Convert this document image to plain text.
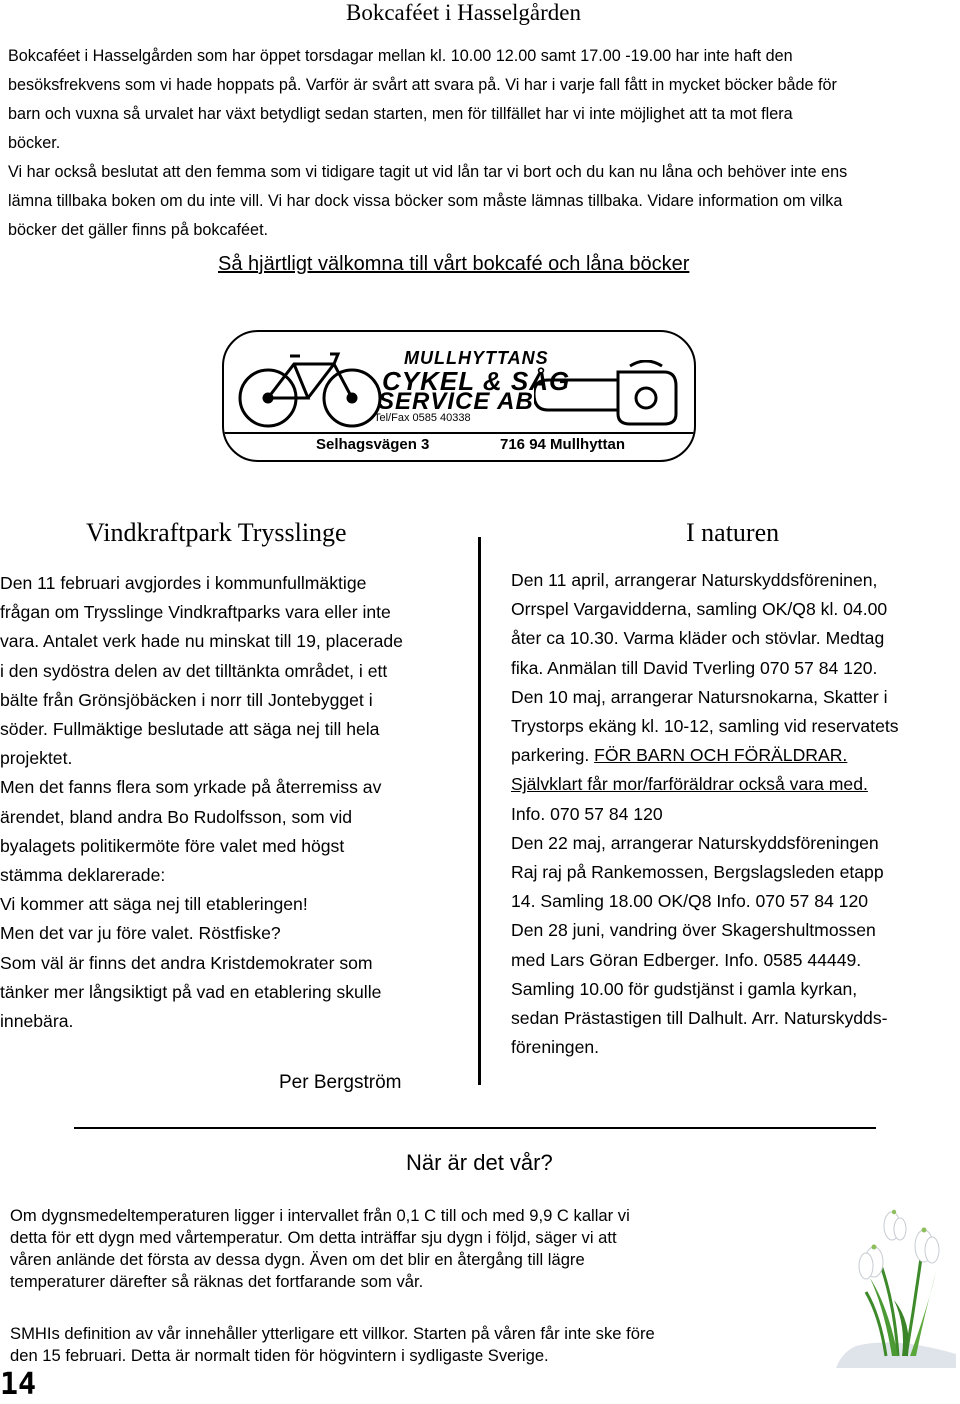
Bokcaféet i Hasselgården

Bokcaféet i Hasselgården som har öppet torsdagar mellan kl. 10.00 12.00 samt 17.00 -19.00 har inte haft den

besöksfrekvens som vi hade hoppats på. Varför är svårt att svara på. Vi har i varje fall fått in mycket böcker både för

barn och vuxna så urvalet har växt betydligt sedan starten, men för tillfället har vi inte möjlighet att ta mot flera

böcker.

Vi har också beslutat att den femma som vi tidigare tagit ut vid lån tar vi bort och du kan nu låna och behöver inte ens

lämna tillbaka boken om du inte vill. Vi har dock vissa böcker som måste lämnas tillbaka. Vidare information om vilka

böcker det gäller finns på bokcaféet.

Så hjärtligt välkomna till vårt bokcafé och låna böcker
MULLHYTTANS
CYKEL & SÅG
SERVICE AB
Tel/Fax 0585 40338
Selhagsvägen 3	716 94 Mullhyttan
Vindkraftpark Trysslinge

Den 11 februari avgjordes i kommunfullmäktige

frågan om Trysslinge Vindkraftparks vara eller inte

vara. Antalet verk hade nu minskat till 19, placerade

i den sydöstra delen av det tilltänkta området, i ett

bälte från Grönsjöbäcken i norr till Jontebygget i

söder. Fullmäktige beslutade att säga nej till hela

projektet.

Men det fanns flera som yrkade på återremiss av

ärendet, bland andra Bo Rudolfsson, som vid

byalagets politikermöte före valet med högst

stämma deklarerade:

Vi kommer att säga nej till etableringen!

Men det var ju före valet. Röstfiske?

Som väl är finns det andra Kristdemokrater som

tänker mer långsiktigt på vad en etablering skulle

innebära.

Per Bergström
I naturen

Den 11 april, arrangerar Naturskyddsföreninen,

Orrspel Vargavidderna, samling OK/Q8 kl. 04.00

åter ca 10.30. Varma kläder och stövlar. Medtag

fika. Anmälan till David Tverling 070 57 84 120.

Den 10 maj, arrangerar Natursnokarna, Skatter i

Trystorps ekäng kl. 10-12, samling vid reservatets

parkering. FÖR BARN OCH FÖRÄLDRAR.

Självklart får mor/farföräldrar också vara med.

Info. 070 57 84 120

Den 22 maj, arrangerar Naturskyddsföreningen

Raj raj på Rankemossen, Bergslagsleden etapp

14. Samling 18.00 OK/Q8 Info. 070 57 84 120

Den 28 juni, vandring över Skagershultmossen

med Lars Göran Edberger. Info. 0585 44449.

Samling 10.00 för gudstjänst i gamla kyrkan,

sedan Prästastigen till Dalhult. Arr. Naturskydds-

föreningen.

När är det vår?

Om dygnsmedeltemperaturen ligger i intervallet från 0,1 C till och med 9,9 C kallar vi

detta för ett dygn med vårtemperatur. Om detta inträffar sju dygn i följd, säger vi att

våren anlände det första av dessa dygn. Även om det blir en återgång till lägre

temperaturer därefter så räknas det fortfarande som vår.

SMHIs definition av vår innehåller ytterligare ett villkor. Starten på våren får inte ske före

den 15 februari. Detta är normalt tiden för högvintern i sydligaste Sverige.

14
